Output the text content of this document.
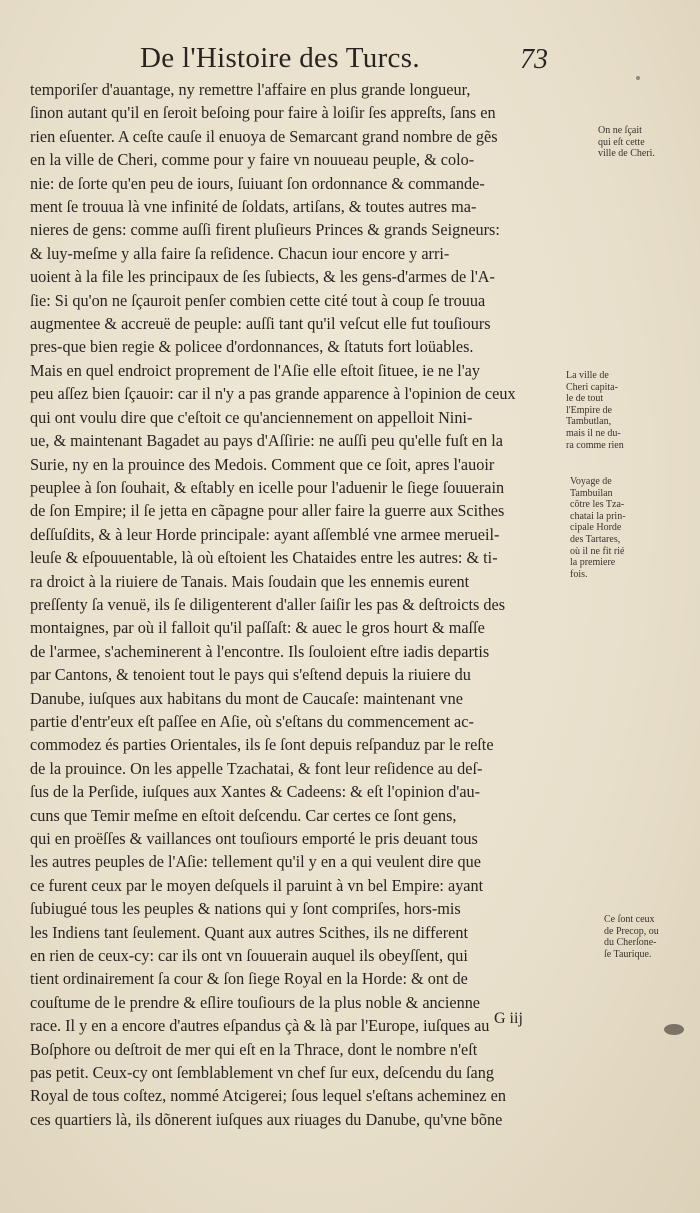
De l'Histoire des Turcs.	73
temporiſer d'auantage, ny remettre l'affaire en plus grande longueur,
ſinon autant qu'il en ſeroit beſoing pour faire à loiſir ſes appreſts, ſans en
rien eſuenter. A ceſte cauſe il enuoya de Semarcant grand nombre de gẽs
en la ville de Cheri, comme pour y faire vn nouueau peuple, & colo-
nie: de ſorte qu'en peu de iours, ſuiuant ſon ordonnance & commande-
ment ſe trouua là vne infinité de ſoldats, artiſans, & toutes autres ma-
nieres de gens: comme auſſi firent pluſieurs Princes & grands Seigneurs:
& luy-meſme y alla faire ſa reſidence. Chacun iour encore y arri-
uoient à la file les principaux de ſes ſubiects, & les gens-d'armes de l'A-
ſie: Si qu'on ne ſçauroit penſer combien cette cité tout à coup ſe trouua
augmentee & accreuë de peuple: auſſi tant qu'il veſcut elle fut touſiours
pres-que bien regie & policee d'ordonnances, & ſtatuts fort loüables.
Mais en quel endroict proprement de l'Aſie elle eſtoit ſituee, ie ne l'ay
peu aſſez bien ſçauoir: car il n'y a pas grande apparence à l'opinion de ceux
qui ont voulu dire que c'eſtoit ce qu'anciennement on appelloit Nini-
ue, & maintenant Bagadet au pays d'Aſſirie: ne auſſi peu qu'elle fuſt en la
Surie, ny en la prouince des Medois. Comment que ce ſoit, apres l'auoir
peuplee à ſon ſouhait, & eſtably en icelle pour l'aduenir le ſiege ſouuerain
de ſon Empire; il ſe jetta en cãpagne pour aller faire la guerre aux Scithes
deſſuſdits, & à leur Horde principale: ayant aſſemblé vne armee merueil-
leuſe & eſpouuentable, là où eſtoient les Chataides entre les autres: & ti-
ra droict à la riuiere de Tanais. Mais ſoudain que les ennemis eurent
preſſenty ſa venuë, ils ſe diligenterent d'aller ſaiſir les pas & deſtroicts des
montaignes, par où il falloit qu'il paſſaſt: & auec le gros hourt & maſſe
de l'armee, s'acheminerent à l'encontre. Ils ſouloient eſtre iadis departis
par Cantons, & tenoient tout le pays qui s'eſtend depuis la riuiere du
Danube, iuſques aux habitans du mont de Caucaſe: maintenant vne
partie d'entr'eux eſt paſſee en Aſie, où s'eſtans du commencement ac-
commodez és parties Orientales, ils ſe ſont depuis reſpanduz par le reſte
de la prouince. On les appelle Tzachatai, & font leur reſidence au deſ-
ſus de la Perſide, iuſques aux Xantes & Cadeens: & eſt l'opinion d'au-
cuns que Temir meſme en eſtoit deſcendu. Car certes ce ſont gens,
qui en proëſſes & vaillances ont touſiours emporté le pris deuant tous
les autres peuples de l'Aſie: tellement qu'il y en a qui veulent dire que
ce furent ceux par le moyen deſquels il paruint à vn bel Empire: ayant
ſubiugué tous les peuples & nations qui y ſont compriſes, hors-mis
les Indiens tant ſeulement. Quant aux autres Scithes, ils ne different
en rien de ceux-cy: car ils ont vn ſouuerain auquel ils obeyſſent, qui
tient ordinairement ſa cour & ſon ſiege Royal en la Horde: & ont de
couſtume de le prendre & eſlire touſiours de la plus noble & ancienne
race. Il y en a encore d'autres eſpandus çà & là par l'Europe, iuſques au
Boſphore ou deſtroit de mer qui eſt en la Thrace, dont le nombre n'eſt
pas petit. Ceux-cy ont ſemblablement vn chef ſur eux, deſcendu du ſang
Royal de tous coſtez, nommé Atcigerei; ſous lequel s'eſtans acheminez en
ces quartiers là, ils dõnerent iuſques aux riuages du Danube, qu'vne bõne
On ne ſçait
qui eſt cette
ville de Cheri.
La ville de
Cheri capita-
le de tout
l'Empire de
Tambutlan,
mais il ne du-
ra comme rien
Voyage de
Tambuilan
cõtre les Tza-
chatai la prin-
cipale Horde
des Tartares,
où il ne fit rié
la premiere
fois.
Ce ſont ceux
de Precop, ou
du Cherſone-
ſe Taurique.
G iij
